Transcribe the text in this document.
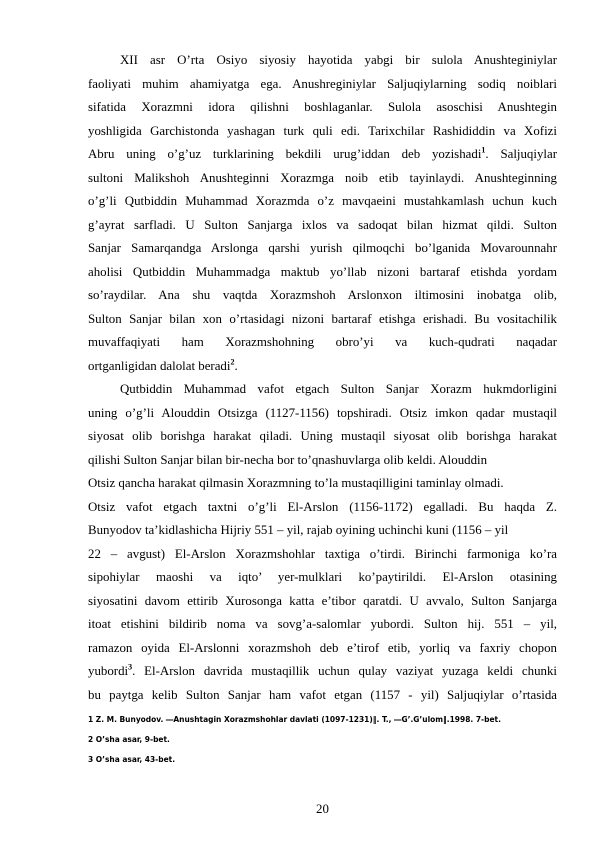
XII asr O’rta Osiyo siyosiy hayotida yabgi bir sulola Anushteginiylar
faoliyati muhim ahamiyatga ega. Anushreginiylar Saljuqiylarning sodiq noiblari
sifatida Xorazmni idora qilishni boshlaganlar. Sulola asoschisi Anushtegin
yoshligida Garchistonda yashagan turk quli edi. Tarixchilar Rashididdin va Xofizi
Abru uning o’g’uz turklarining bekdili urug’iddan deb yozishadi$^1$. Saljuqiylar
sultoni Malikshoh Anushteginni Xorazmga noib etib tayinlaydi. Anushteginning
o’g’li Qutbiddin Muhammad Xorazmda o’z mavqaeini mustahkamlash uchun kuch
g’ayrat sarfladi. U Sulton Sanjarga ixlos va sadoqat bilan hizmat qildi. Sulton
Sanjar Samarqandga Arslonga qarshi yurish qilmoqchi bo’lganida Movarounnahr
aholisi Qutbiddin Muhammadga maktub yo’llab nizoni bartaraf etishda yordam
so’raydilar. Ana shu vaqtda Xorazmshoh Arslonxon iltimosini inobatga olib,
Sulton Sanjar bilan xon o’rtasidagi nizoni bartaraf etishga erishadi. Bu vositachilik
muvaffaqiyati ham Xorazmshohning obro’yi va kuch-qudrati naqadar
ortganligidan dalolat beradi$^2$.
Qutbiddin Muhammad vafot etgach Sulton Sanjar Xorazm hukmdorligini
uning o’g’li Alouddin Otsizga (1127-1156) topshiradi. Otsiz imkon qadar mustaqil
siyosat olib borishga harakat qiladi. Uning mustaqil siyosat olib borishga harakat
qilishi Sulton Sanjar bilan bir-necha bor to’qnashuvlarga olib keldi. Alouddin
Otsiz qancha harakat qilmasin Xorazmning to’la mustaqilligini taminlay olmadi.
Otsiz vafot etgach taxtni o’g’li El-Arslon (1156-1172) egalladi. Bu haqda Z.
Bunyodov ta’kidlashicha Hijriy 551 – yil, rajab oyining uchinchi kuni (1156 – yil
22 – avgust) El-Arslon Xorazmshohlar taxtiga o’tirdi. Birinchi farmoniga ko’ra
sipohiylar maoshi va iqto’ yer-mulklari ko’paytirildi. El-Arslon otasining
siyosatini davom ettirib Xurosonga katta e’tibor qaratdi. U avvalo, Sulton Sanjarga
itoat etishini bildirib noma va sovg’a-salomlar yubordi. Sulton hij. 551 – yil,
ramazon oyida El-Arslonni xorazmshoh deb e’tirof etib, yorliq va faxriy chopon
yubordi$^3$. El-Arslon davrida mustaqillik uchun qulay vaziyat yuzaga keldi chunki
bu paytga kelib Sulton Sanjar ham vafot etgan (1157 - yil) Saljuqiylar o’rtasida
1 Z. M. Bunyodov. ―Anushtagin Xorazmshohlar davlati (1097-1231)‖. T., ―G’.G’ulom‖.1998. 7-bet.
2 O’sha asar, 9-bet.
3 O’sha asar, 43-bet.
20
